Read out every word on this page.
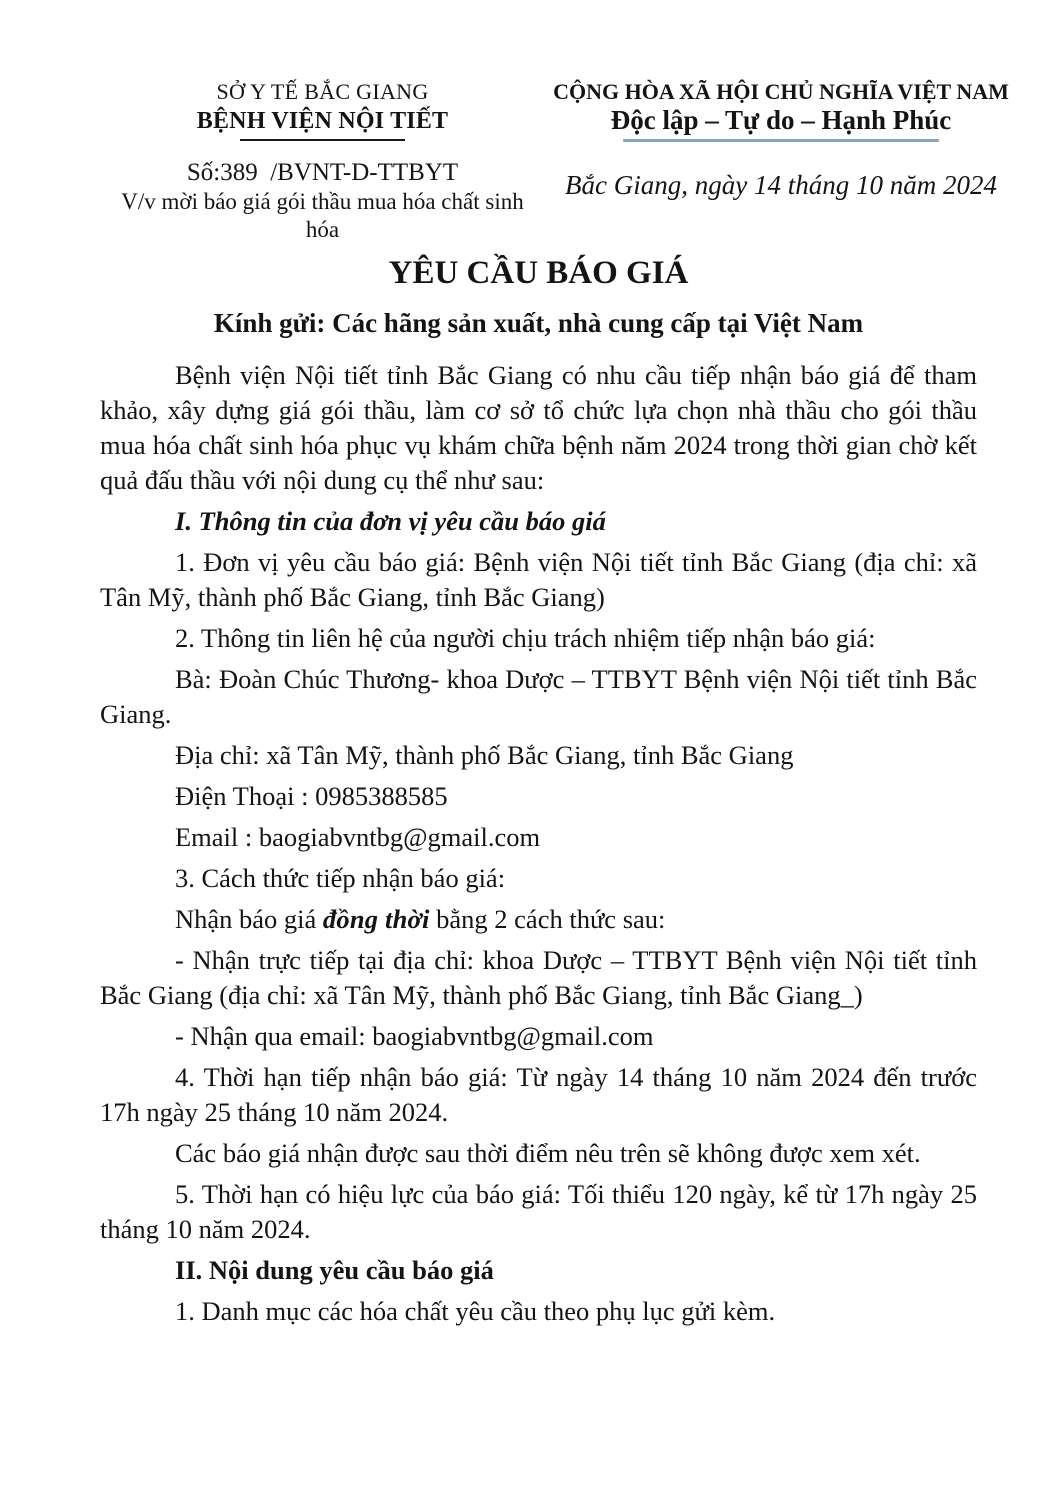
SỞ Y TẾ BẮC GIANG
BỆNH VIỆN NỘI TIẾT
Số:389  /BVNT-D-TTBYT
V/v mời báo giá gói thầu mua hóa chất sinh hóa
CỘNG HÒA XÃ HỘI CHỦ NGHĨA VIỆT NAM
Độc lập – Tự do – Hạnh Phúc
Bắc Giang, ngày 14 tháng 10 năm 2024
YÊU CẦU BÁO GIÁ
Kính gửi: Các hãng sản xuất, nhà cung cấp tại Việt Nam

Bệnh viện Nội tiết tỉnh Bắc Giang có nhu cầu tiếp nhận báo giá để tham khảo, xây dựng giá gói thầu, làm cơ sở tổ chức lựa chọn nhà thầu cho gói thầu mua hóa chất sinh hóa phục vụ khám chữa bệnh năm 2024 trong thời gian chờ kết quả đấu thầu với nội dung cụ thể như sau:

I. Thông tin của đơn vị yêu cầu báo giá

1. Đơn vị yêu cầu báo giá: Bệnh viện Nội tiết tỉnh Bắc Giang (địa chỉ: xã Tân Mỹ, thành phố Bắc Giang, tỉnh Bắc Giang)

2. Thông tin liên hệ của người chịu trách nhiệm tiếp nhận báo giá:

Bà: Đoàn Chúc Thương- khoa Dược – TTBYT Bệnh viện Nội tiết tỉnh Bắc Giang.

Địa chỉ: xã Tân Mỹ, thành phố Bắc Giang, tỉnh Bắc Giang

Điện Thoại : 0985388585

Email : baogiabvntbg@gmail.com

3. Cách thức tiếp nhận báo giá:

Nhận báo giá đồng thời bằng 2 cách thức sau:

- Nhận trực tiếp tại địa chỉ: khoa Dược – TTBYT Bệnh viện Nội tiết tỉnh Bắc Giang (địa chỉ: xã Tân Mỹ, thành phố Bắc Giang, tỉnh Bắc Giang_)

- Nhận qua email: baogiabvntbg@gmail.com

4. Thời hạn tiếp nhận báo giá: Từ ngày 14 tháng 10 năm 2024 đến trước 17h ngày 25 tháng 10 năm 2024.

Các báo giá nhận được sau thời điểm nêu trên sẽ không được xem xét.

5. Thời hạn có hiệu lực của báo giá: Tối thiểu 120 ngày, kể từ 17h ngày 25 tháng 10 năm 2024.

II. Nội dung yêu cầu báo giá

1. Danh mục các hóa chất yêu cầu theo phụ lục gửi kèm.
